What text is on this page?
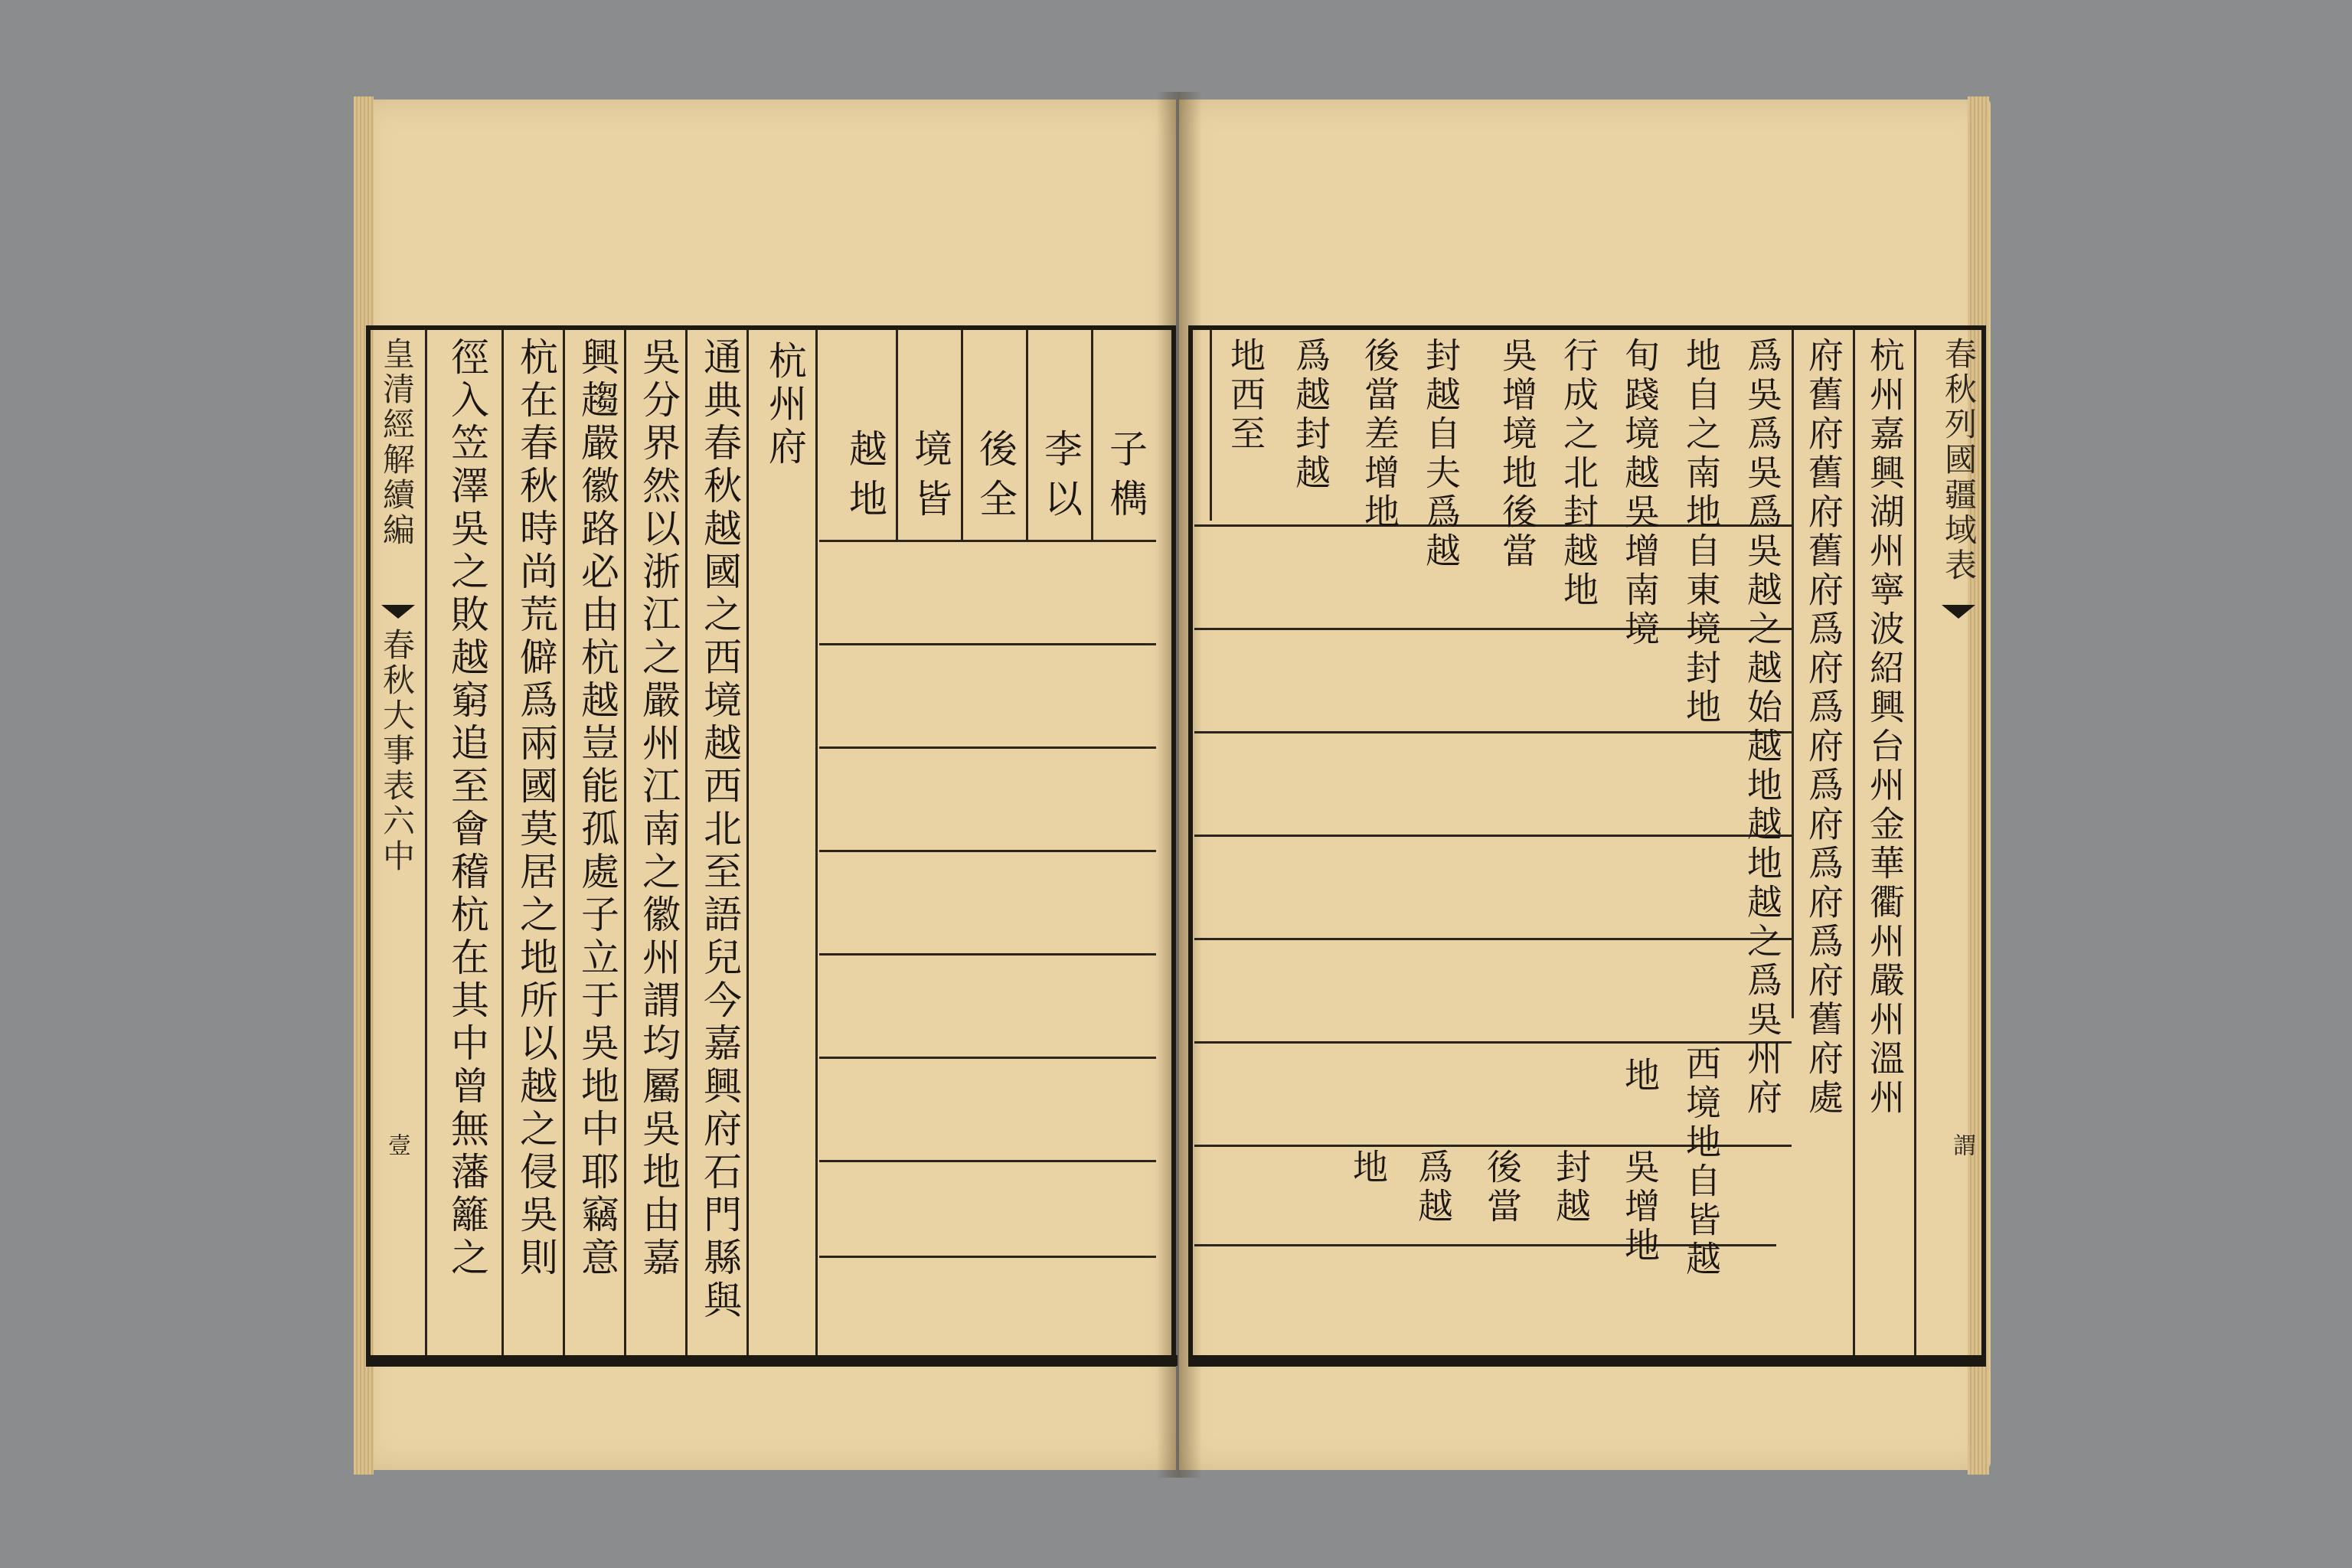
皇清經解續編
春秋大事表六中
壹 徑入笠澤吳之敗越窮追至會稽杭在其中曾無藩籬之 杭在春秋時尚荒僻爲兩國莫居之地所以越之侵吳則 興趨嚴徽路必由杭越豈能孤處子立于吳地中耶竊意 吳分界然以浙江之嚴州江南之徽州謂均屬吳地由嘉 通典春秋越國之西境越西北至語兒今嘉興府石門縣與 杭州府 越
地
境
皆
後
全
李
以
子
檇	春秋列國疆域表
謂
杭州嘉興湖州寧波紹興台州金華衢州嚴州溫州
府舊府舊府舊府爲府爲府爲府爲府爲府舊府處
爲吳爲吳爲吳越之越始越地越地越之爲吳州府
地自之南地自東境封地
旬踐境越吳增南境
行成之北封越地
吳增境地後當
封越自夫爲越
後當差增地
爲越封越
地西至
西境地自皆越
地
吳增地
封越
後當
爲越
地
